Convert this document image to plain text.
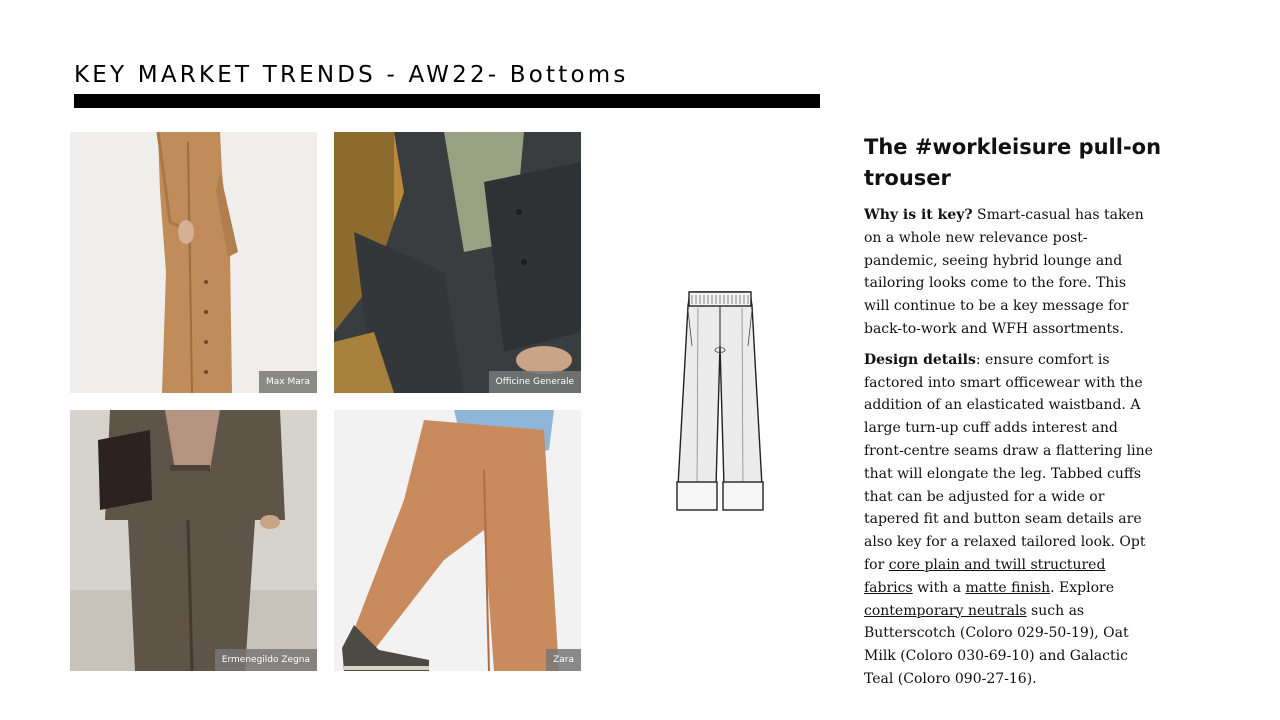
KEY MARKET TRENDS - AW22- Bottoms
Max Mara	Officine Generale
Ermenegildo Zegna	Zara
The #workleisure pull-on trouser

Why is it key? Smart-casual has taken on a whole new relevance post-pandemic, seeing hybrid lounge and tailoring looks come to the fore. This will continue to be a key message for back-to-work and WFH assortments.

Design details: ensure comfort is factored into smart officewear with the addition of an elasticated waistband. A large turn-up cuff adds interest and front-centre seams draw a flattering line that will elongate the leg. Tabbed cuffs that can be adjusted for a wide or tapered fit and button seam details are also key for a relaxed tailored look. Opt for core plain and twill structured fabrics with a matte finish. Explore contemporary neutrals such as Butterscotch (Coloro 029-50-19), Oat Milk (Coloro 030-69-10) and Galactic Teal (Coloro 090-27-16).
